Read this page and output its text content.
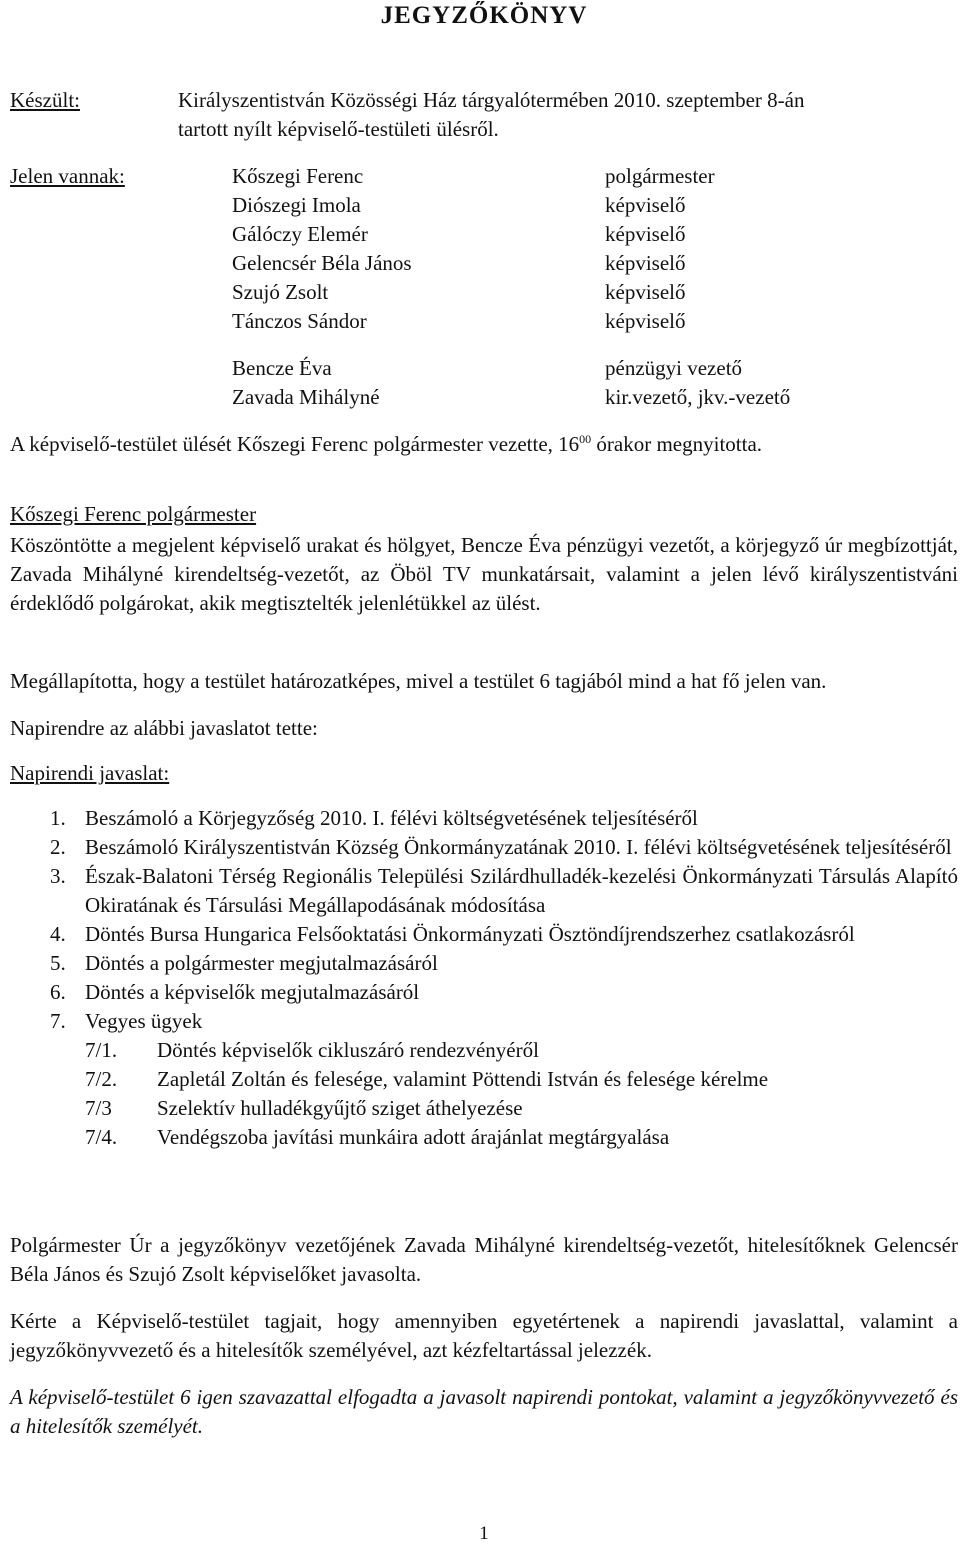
JEGYZŐKÖNYV
Készült:	Királyszentistván Közösségi Ház tárgyalótermében 2010. szeptember 8-án
tartott nyílt képviselő-testületi ülésről.
Jelen vannak:	Kőszegi Ferenc	polgármester
Diószegi Imola	képviselő
Gálóczy Elemér	képviselő
Gelencsér Béla János	képviselő
Szujó Zsolt	képviselő
Tánczos Sándor	képviselő
Bencze Éva	pénzügyi vezető
Zavada Mihályné	kir.vezető, jkv.-vezető
A képviselő-testület ülését Kőszegi Ferenc polgármester vezette, $16^{00}$ órakor megnyitotta.
Kőszegi Ferenc polgármester
Köszöntötte a megjelent képviselő urakat és hölgyet, Bencze Éva pénzügyi vezetőt, a körjegyző úr megbízottját, Zavada Mihályné kirendeltség-vezetőt, az Öböl TV munkatársait, valamint a jelen lévő királyszentistváni érdeklődő polgárokat, akik megtisztelték jelenlétükkel az ülést.
Megállapította, hogy a testület határozatképes, mivel a testület 6 tagjából mind a hat fő jelen van.
Napirendre az alábbi javaslatot tette:
Napirendi javaslat:
1. Beszámoló a Körjegyzőség 2010. I. félévi költségvetésének teljesítéséről
2. Beszámoló Királyszentistván Község Önkormányzatának 2010. I. félévi költségvetésének teljesítéséről
3. Észak-Balatoni Térség Regionális Települési Szilárdhulladék-kezelési Önkormányzati Társulás Alapító Okiratának és Társulási Megállapodásának módosítása
4. Döntés Bursa Hungarica Felsőoktatási Önkormányzati Ösztöndíjrendszerhez csatlakozásról
5. Döntés a polgármester megjutalmazásáról
6. Döntés a képviselők megjutalmazásáról
7. Vegyes ügyek
7/1. Döntés képviselők cikluszáró rendezvényéről
7/2. Zapletál Zoltán és felesége, valamint Pöttendi István és felesége kérelme
7/3 Szelektív hulladékgyűjtő sziget áthelyezése
7/4. Vendégszoba javítási munkáira adott árajánlat megtárgyalása
Polgármester Úr a jegyzőkönyv vezetőjének Zavada Mihályné kirendeltség-vezetőt, hitelesítőknek Gelencsér Béla János és Szujó Zsolt képviselőket javasolta.
Kérte a Képviselő-testület tagjait, hogy amennyiben egyetértenek a napirendi javaslattal, valamint a jegyzőkönyvvezető és a hitelesítők személyével, azt kézfeltartással jelezzék.
A képviselő-testület 6 igen szavazattal elfogadta a javasolt napirendi pontokat, valamint a jegyzőkönyvvezető és a hitelesítők személyét.
1
